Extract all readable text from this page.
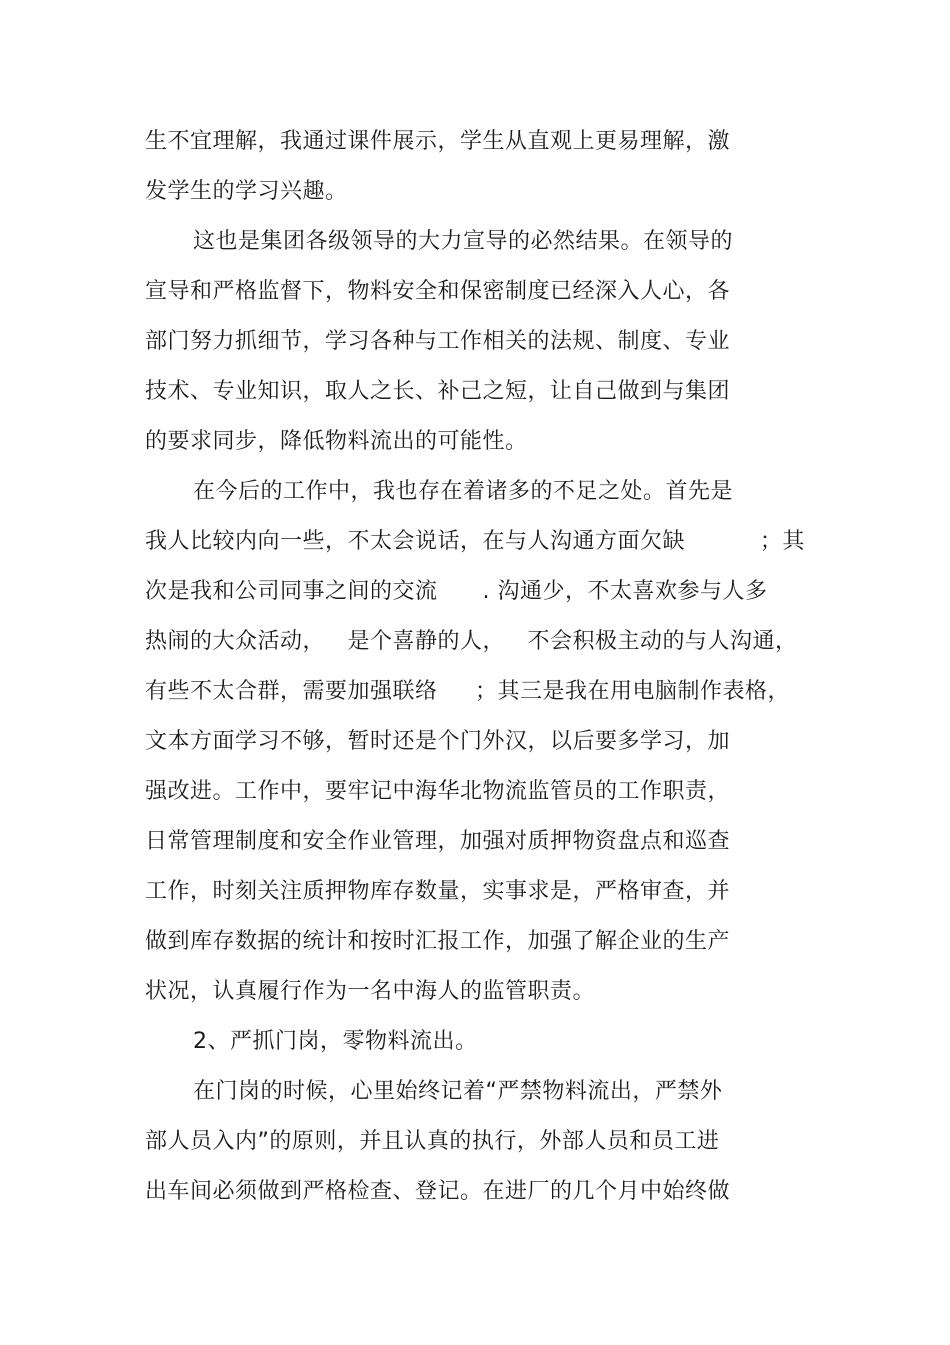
生不宜理解，我通过课件展示，学生从直观上更易理解，激
发学生的学习兴趣。
这也是集团各级领导的大力宣导的必然结果。在领导的
宣导和严格监督下，物料安全和保密制度已经深入人心，各
部门努力抓细节，学习各种与工作相关的法规、制度、专业
技术、专业知识，取人之长、补己之短，让自己做到与集团
的要求同步，降低物料流出的可能性。
在今后的工作中，我也存在着诸多的不足之处。首先是
我人比较内向一些，不太会说话，在与人沟通方面欠缺          ；其
次是我和公司同事之间的交流      . 沟通少，不太喜欢参与人多
热闹的大众活动，   是个喜静的人，   不会积极主动的与人沟通，
有些不太合群，需要加强联络     ；其三是我在用电脑制作表格，
文本方面学习不够，暂时还是个门外汉，以后要多学习，加
强改进。工作中，要牢记中海华北物流监管员的工作职责，
日常管理制度和安全作业管理，加强对质押物资盘点和巡查
工作，时刻关注质押物库存数量，实事求是，严格审查，并
做到库存数据的统计和按时汇报工作，加强了解企业的生产
状况，认真履行作为一名中海人的监管职责。
2、严抓门岗，零物料流出。
在门岗的时候，心里始终记着“严禁物料流出，严禁外
部人员入内”的原则，并且认真的执行，外部人员和员工进
出车间必须做到严格检查、登记。在进厂的几个月中始终做
